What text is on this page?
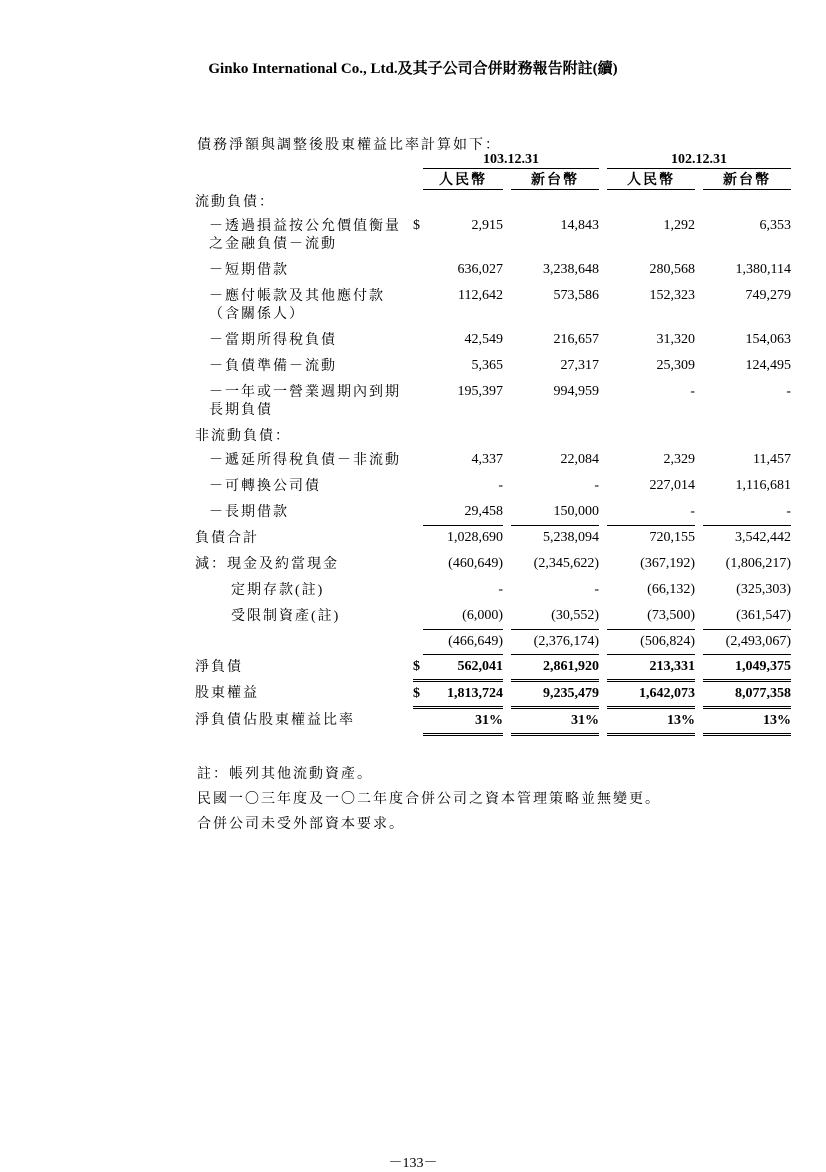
Ginko International Co., Ltd.及其子公司合併財務報告附註(續)
債務淨額與調整後股東權益比率計算如下：
		103.12.31				102.12.31		
		人民幣		新台幣		人民幣		新台幣
流動負債：								
－透過損益按公允價值衡量之金融負債－流動	$	2,915		14,843		1,292		6,353
－短期借款		636,027		3,238,648		280,568		1,380,114
－應付帳款及其他應付款（含關係人）		112,642		573,586		152,323		749,279
－當期所得稅負債		42,549		216,657		31,320		154,063
－負債準備－流動		5,365		27,317		25,309		124,495
－一年或一營業週期內到期長期負債		195,397		994,959		-		-
非流動負債：								
－遞延所得稅負債－非流動		4,337		22,084		2,329		11,457
－可轉換公司債		-		-		227,014		1,116,681
－長期借款		29,458		150,000		-		-
負債合計		1,028,690		5,238,094		720,155		3,542,442
減：現金及約當現金		(460,649)		(2,345,622)		(367,192)		(1,806,217)
定期存款(註)		-		-		(66,132)		(325,303)
受限制資產(註)		(6,000)		(30,552)		(73,500)		(361,547)
		(466,649)		(2,376,174)		(506,824)		(2,493,067)
淨負債	$	562,041		2,861,920		213,331		1,049,375
股東權益	$	1,813,724		9,235,479		1,642,073		8,077,358
淨負債佔股東權益比率		31%		31%		13%		13%
註：帳列其他流動資產。
民國一〇三年度及一〇二年度合併公司之資本管理策略並無變更。
合併公司未受外部資本要求。
－133－
